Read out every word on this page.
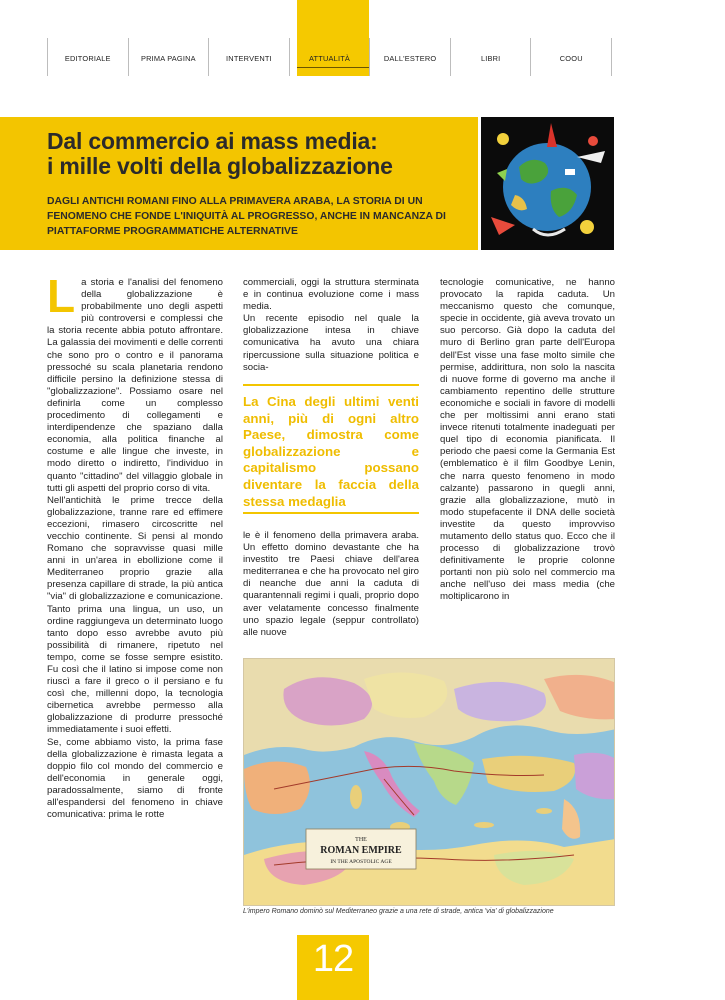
EDITORIALE	PRIMA PAGINA	INTERVENTI	ATTUALITÀ	DALL'ESTERO	LIBRI	COOU
Dal commercio ai mass media:
i mille volti della globalizzazione
DAGLI ANTICHI ROMANI FINO ALLA PRIMAVERA ARABA, LA STORIA DI UN FENOMENO CHE FONDE L'INIQUITÀ AL PROGRESSO, ANCHE IN MANCANZA DI PIATTAFORME PROGRAMMATICHE ALTERNATIVE

La storia e l'analisi del fenomeno della globalizzazione è probabilmente uno degli aspetti più controversi e complessi che la storia recente abbia potuto affrontare. La galassia dei movimenti e delle correnti che sono pro o contro e il panorama pressoché su scala planetaria rendono difficile persino la definizione stessa di "globalizzazione". Possiamo osare nel definirla come un complesso procedimento di collegamenti e interdipendenze che spaziano dalla economia, alla politica finanche al costume e alle lingue che investe, in modo diretto o indiretto, l'individuo in quanto "cittadino" del villaggio globale in tutti gli aspetti del proprio corso di vita.

Nell'antichità le prime trecce della globalizzazione, tranne rare ed effimere eccezioni, rimasero circoscritte nel vecchio continente. Si pensi al mondo Romano che sopravvisse quasi mille anni in un'area in ebollizione come il Mediterraneo proprio grazie alla presenza capillare di strade, la più antica "via" di globalizzazione e comunicazione. Tanto prima una lingua, un uso, un ordine raggiungeva un determinato luogo tanto dopo esso avrebbe avuto più possibilità di rimanere, ripetuto nel tempo, come se fosse sempre esistito. Fu così che il latino si impose come non riuscì a fare il greco o il persiano e fu così che, millenni dopo, la tecnologia cibernetica avrebbe permesso alla globalizzazione di produrre pressoché immediatamente i suoi effetti.

Se, come abbiamo visto, la prima fase della globalizzazione è rimasta legata a doppio filo col mondo del commercio e dell'economia in generale oggi, paradossalmente, siamo di fronte all'espandersi del fenomeno in chiave comunicativa: prima le rotte

commerciali, oggi la struttura sterminata e in continua evoluzione come i mass media.

Un recente episodio nel quale la globalizzazione intesa in chiave comunicativa ha avuto una chiara ripercussione sulla situazione politica e socia-

La Cina degli ultimi venti anni, più di ogni altro Paese, dimostra come globalizzazione e capitalismo possano diventare la faccia della stessa medaglia

le è il fenomeno della primavera araba. Un effetto domino devastante che ha investito tre Paesi chiave dell'area mediterranea e che ha provocato nel giro di neanche due anni la caduta di quarantennali regimi i quali, proprio dopo aver velatamente concesso finalmente uno spazio legale (seppur controllato) alle nuove

tecnologie comunicative, ne hanno provocato la rapida caduta. Un meccanismo questo che comunque, specie in occidente, già aveva trovato un suo percorso. Già dopo la caduta del muro di Berlino gran parte dell'Europa dell'Est visse una fase molto simile che permise, addirittura, non solo la nascita di nuove forme di governo ma anche il cambiamento repentino delle strutture economiche e sociali in favore di modelli che per moltissimi anni erano stati invece ritenuti totalmente inadeguati per quel tipo di economia pianificata. Il periodo che paesi come la Germania Est (emblematico è il film Goodbye Lenin, che narra questo fenomeno in modo calzante) passarono in quegli anni, grazie alla globalizzazione, mutò in modo stupefacente il DNA delle società investite da questo improvviso mutamento dello status quo. Ecco che il processo di globalizzazione trovò definitivamente le proprie colonne portanti non più solo nel commercio ma anche nell'uso dei mass media (che moltiplicarono in

THE
ROMAN EMPIRE
IN THE APOSTOLIC AGE
L'impero Romano dominò sul Mediterraneo grazie a una rete di strade, antica 'via' di globalizzazione
12
